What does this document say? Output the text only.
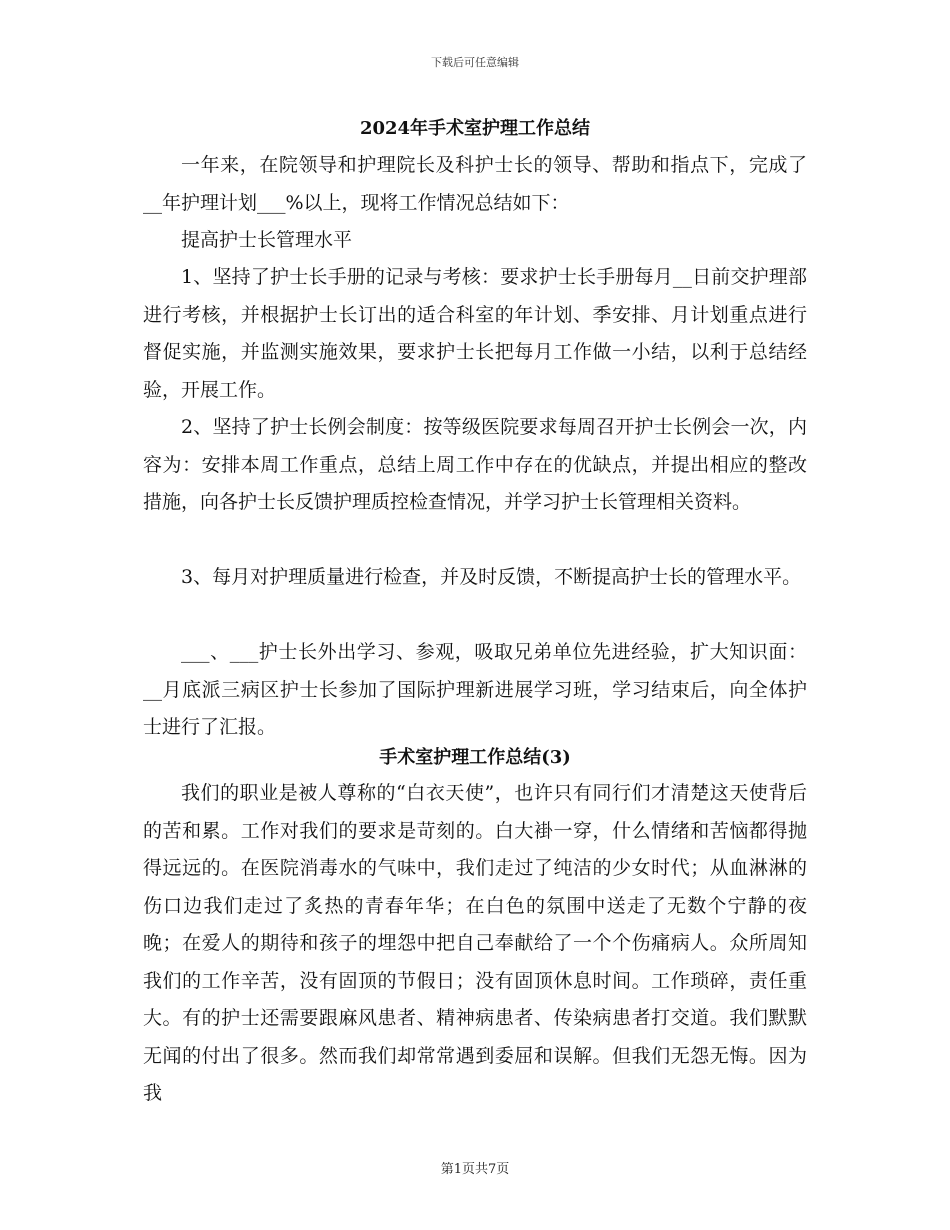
下载后可任意编辑
2024年手术室护理工作总结

一年来，在院领导和护理院长及科护士长的领导、帮助和指点下，完成了__年护理计划___%以上，现将工作情况总结如下：

提高护士长管理水平

1、坚持了护士长手册的记录与考核：要求护士长手册每月__日前交护理部进行考核，并根据护士长订出的适合科室的年计划、季安排、月计划重点进行督促实施，并监测实施效果，要求护士长把每月工作做一小结，以利于总结经验，开展工作。

2、坚持了护士长例会制度：按等级医院要求每周召开护士长例会一次，内容为：安排本周工作重点，总结上周工作中存在的优缺点，并提出相应的整改措施，向各护士长反馈护理质控检查情况，并学习护士长管理相关资料。

3、每月对护理质量进行检查，并及时反馈，不断提高护士长的管理水平。

___、___护士长外出学习、参观，吸取兄弟单位先进经验，扩大知识面：__月底派三病区护士长参加了国际护理新进展学习班，学习结束后，向全体护士进行了汇报。

手术室护理工作总结(3)

我们的职业是被人尊称的“白衣天使”，也许只有同行们才清楚这天使背后的苦和累。工作对我们的要求是苛刻的。白大褂一穿，什么情绪和苦恼都得抛得远远的。在医院消毒水的气味中，我们走过了纯洁的少女时代；从血淋淋的伤口边我们走过了炙热的青春年华；在白色的氛围中送走了无数个宁静的夜晚；在爱人的期待和孩子的埋怨中把自己奉献给了一个个伤痛病人。众所周知我们的工作辛苦，没有固顶的节假日；没有固顶休息时间。工作琐碎，责任重大。有的护士还需要跟麻风患者、精神病患者、传染病患者打交道。我们默默无闻的付出了很多。然而我们却常常遇到委屈和误解。但我们无怨无悔。因为我

第1页共7页
